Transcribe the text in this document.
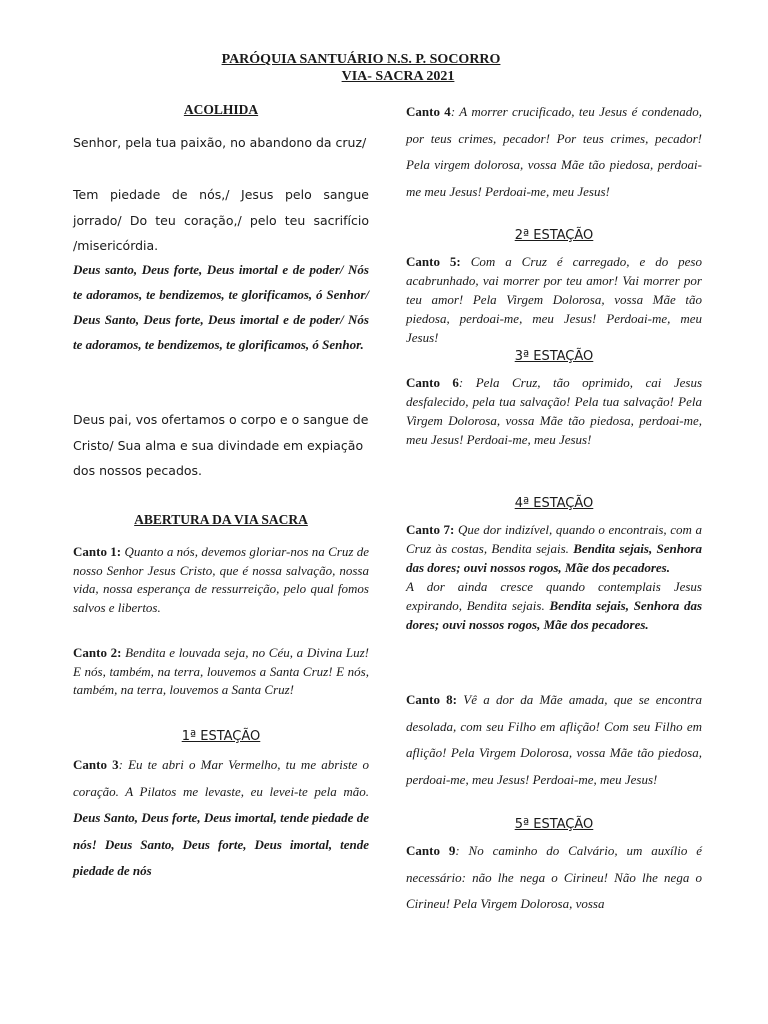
PARÓQUIA SANTUÁRIO N.S. P. SOCORRO
VIA- SACRA 2021

ACOLHIDA

Senhor, pela tua paixão, no abandono da cruz/

Tem piedade de nós,/ Jesus pelo sangue jorrado/ Do teu coração,/ pelo teu sacrifício /misericórdia.

Deus santo, Deus forte, Deus imortal e de poder/ Nós te adoramos, te bendizemos, te glorificamos, ó Senhor/ Deus Santo, Deus forte, Deus imortal e de poder/ Nós te adoramos, te bendizemos, te glorificamos, ó Senhor.

Deus pai, vos ofertamos o corpo e o sangue de Cristo/ Sua alma e sua divindade em expiação dos nossos pecados.

ABERTURA DA VIA SACRA

Canto 1: Quanto a nós, devemos gloriar-nos na Cruz de nosso Senhor Jesus Cristo, que é nossa salvação, nossa vida, nossa esperança de ressurreição, pelo qual fomos salvos e libertos.

Canto 2: Bendita e louvada seja, no Céu, a Divina Luz! E nós, também, na terra, louvemos a Santa Cruz! E nós, também, na terra, louvemos a Santa Cruz!

1ª ESTAÇÃO

Canto 3: Eu te abri o Mar Vermelho, tu me abriste o coração. A Pilatos me levaste, eu levei-te pela mão. Deus Santo, Deus forte, Deus imortal, tende piedade de nós! Deus Santo, Deus forte, Deus imortal, tende piedade de nós

Canto 4: A morrer crucificado, teu Jesus é condenado, por teus crimes, pecador! Por teus crimes, pecador! Pela virgem dolorosa, vossa Mãe tão piedosa, perdoai-me meu Jesus! Perdoai-me, meu Jesus!

2ª ESTAÇÃO

Canto 5: Com a Cruz é carregado, e do peso acabrunhado, vai morrer por teu amor! Vai morrer por teu amor! Pela Virgem Dolorosa, vossa Mãe tão piedosa, perdoai-me, meu Jesus! Perdoai-me, meu Jesus!

3ª ESTAÇÃO

Canto 6: Pela Cruz, tão oprimido, cai Jesus desfalecido, pela tua salvação! Pela tua salvação! Pela Virgem Dolorosa, vossa Mãe tão piedosa, perdoai-me, meu Jesus! Perdoai-me, meu Jesus!

4ª ESTAÇÃO

Canto 7: Que dor indizível, quando o encontrais, com a Cruz às costas, Bendita sejais. Bendita sejais, Senhora das dores; ouvi nossos rogos, Mãe dos pecadores.
A dor ainda cresce quando contemplais Jesus expirando, Bendita sejais. Bendita sejais, Senhora das dores; ouvi nossos rogos, Mãe dos pecadores.

Canto 8: Vê a dor da Mãe amada, que se encontra desolada, com seu Filho em aflição! Com seu Filho em aflição! Pela Virgem Dolorosa, vossa Mãe tão piedosa, perdoai-me, meu Jesus! Perdoai-me, meu Jesus!

5ª ESTAÇÃO

Canto 9: No caminho do Calvário, um auxílio é necessário: não lhe nega o Cirineu! Não lhe nega o Cirineu! Pela Virgem Dolorosa, vossa
